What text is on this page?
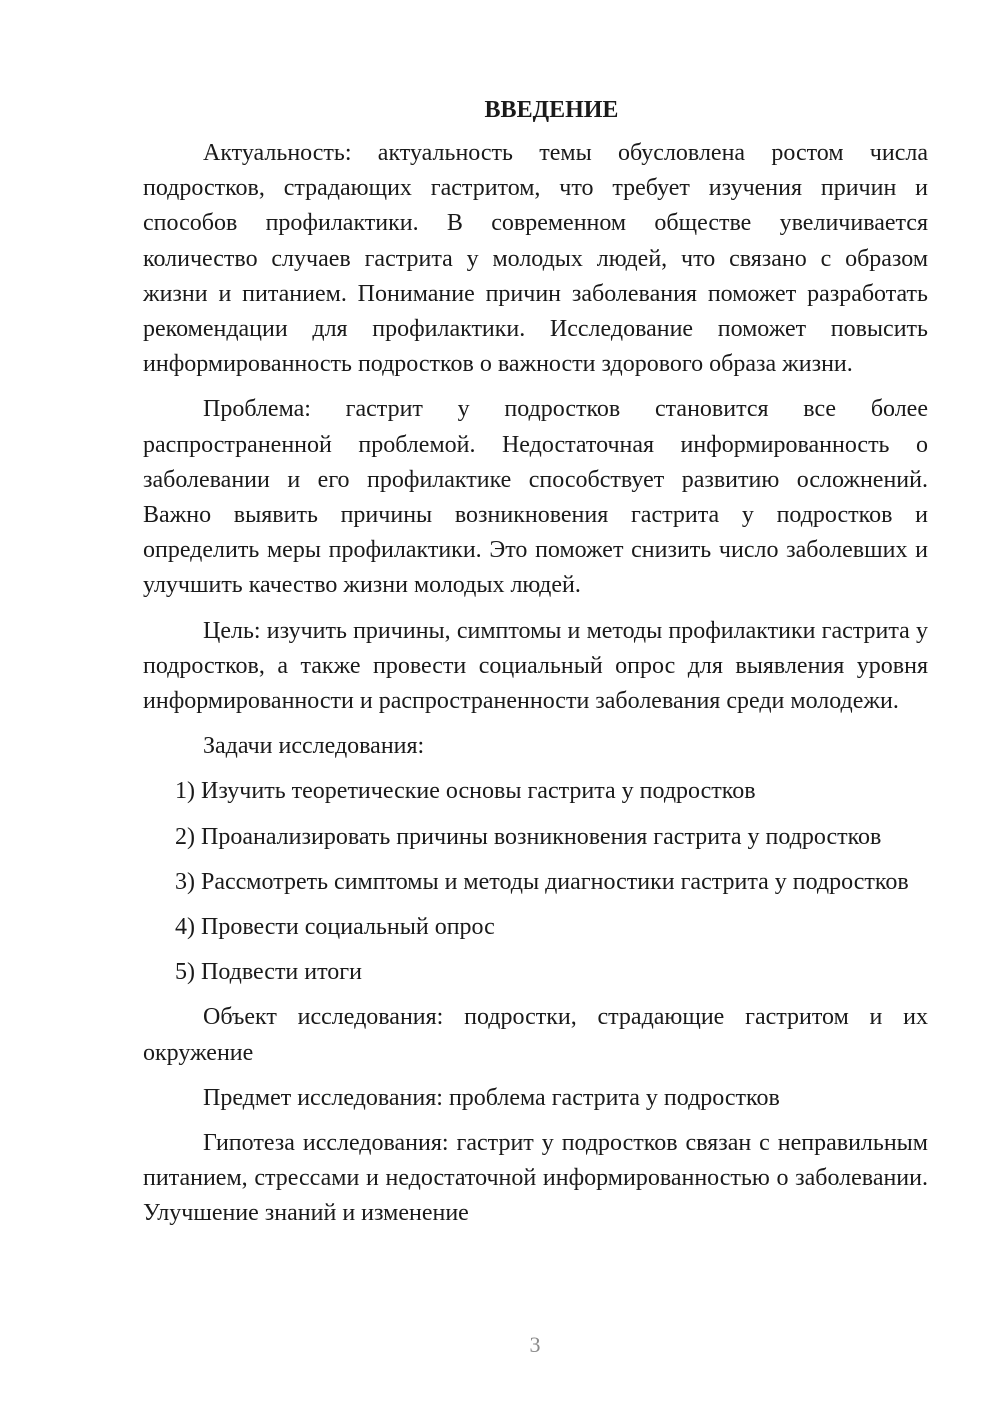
ВВЕДЕНИЕ

Актуальность: актуальность темы обусловлена ростом числа подростков, страдающих гастритом, что требует изучения причин и способов профилактики. В современном обществе увеличивается количество случаев гастрита у молодых людей, что связано с образом жизни и питанием. Понимание причин заболевания поможет разработать рекомендации для профилактики. Исследование поможет повысить информированность подростков о важности здорового образа жизни.

Проблема: гастрит у подростков становится все более распространенной проблемой. Недостаточная информированность о заболевании и его профилактике способствует развитию осложнений. Важно выявить причины возникновения гастрита у подростков и определить меры профилактики. Это поможет снизить число заболевших и улучшить качество жизни молодых людей.

Цель: изучить причины, симптомы и методы профилактики гастрита у подростков, а также провести социальный опрос для выявления уровня информированности и распространенности заболевания среди молодежи.

Задачи исследования:

1) Изучить теоретические основы гастрита у подростков

2) Проанализировать причины возникновения гастрита у подростков

3) Рассмотреть симптомы и методы диагностики гастрита у подростков

4) Провести социальный опрос

5) Подвести итоги

Объект исследования: подростки, страдающие гастритом и их окружение

Предмет исследования: проблема гастрита у подростков

Гипотеза исследования: гастрит у подростков связан с неправильным питанием, стрессами и недостаточной информированностью о заболевании. Улучшение знаний и изменение

3
